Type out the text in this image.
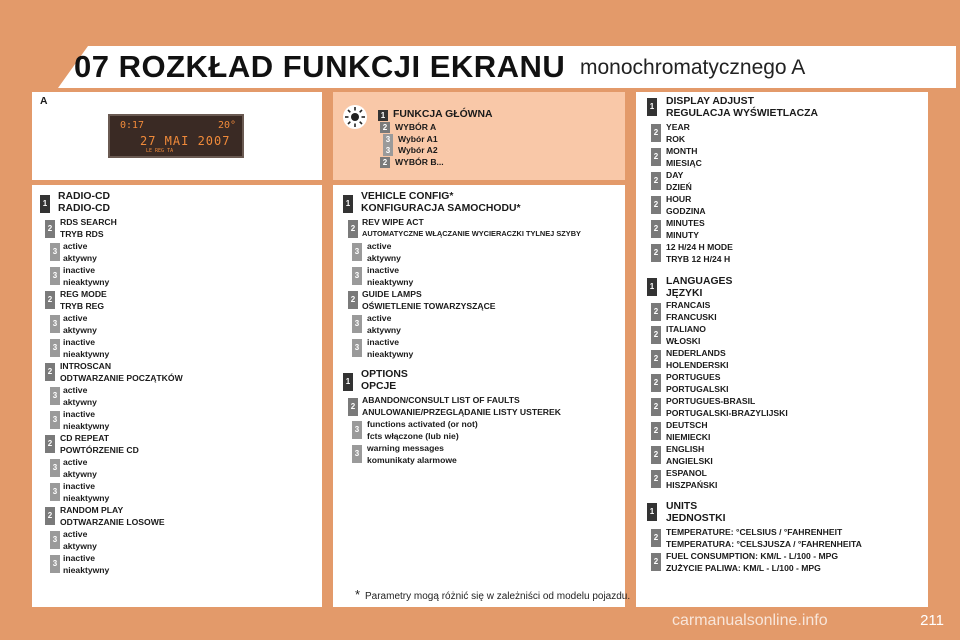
07 ROZKŁAD FUNKCJI EKRANU monochromatycznego A
A
0:17	20°
27 MAI 2007
LE REG TA
1 FUNKCJA GŁÓWNA
2 WYBÓR A
3 Wybór A1
3 Wybór A2
2 WYBÓR B...
1
RADIO-CD
RADIO-CD
2
RDS SEARCH
TRYB RDS
3
active
aktywny
3
inactive
nieaktywny
2
REG MODE
TRYB REG
3
active
aktywny
3
inactive
nieaktywny
2
INTROSCAN
ODTWARZANIE POCZĄTKÓW
3
active
aktywny
3
inactive
nieaktywny
2
CD REPEAT
POWTÓRZENIE CD
3
active
aktywny
3
inactive
nieaktywny
2
RANDOM PLAY
ODTWARZANIE LOSOWE
3
active
aktywny
3
inactive
nieaktywny
1
VEHICLE CONFIG*
KONFIGURACJA SAMOCHODU*
2
REV WIPE ACT
AUTOMATYCZNE WŁĄCZANIE WYCIERACZKI TYLNEJ SZYBY
3
active
aktywny
3
inactive
nieaktywny
2
GUIDE LAMPS
OŚWIETLENIE TOWARZYSZĄCE
3
active
aktywny
3
inactive
nieaktywny
1
OPTIONS
OPCJE
2
ABANDON/CONSULT LIST OF FAULTS
ANULOWANIE/PRZEGLĄDANIE LISTY USTEREK
3
functions activated (or not)
fcts włączone (lub nie)
3
warning messages
komunikaty alarmowe
* Parametry mogą różnić się w zależniści od modelu pojazdu.
1 DISPLAY ADJUST
REGULACJA WYŚWIETLACZA
2
YEAR
ROK
2
MONTH
MIESIĄC
2
DAY
DZIEŃ
2
HOUR
GODZINA
2
MINUTES
MINUTY
2
12 H/24 H MODE
TRYB 12 H/24 H
1 LANGUAGES
JĘZYKI
2
FRANCAIS
FRANCUSKI
2
ITALIANO
WŁOSKI
2
NEDERLANDS
HOLENDERSKI
2
PORTUGUES
PORTUGALSKI
2
PORTUGUES-BRASIL
PORTUGALSKI-BRAZYLIJSKI
2
DEUTSCH
NIEMIECKI
2
ENGLISH
ANGIELSKI
2
ESPANOL
HISZPAŃSKI
1 UNITS
JEDNOSTKI
2
TEMPERATURE: °CELSIUS / °FAHRENHEIT
TEMPERATURA: °CELSJUSZA / °FAHRENHEITA
2
FUEL CONSUMPTION: KM/L - L/100 - MPG
ZUŻYCIE PALIWA: KM/L - L/100 - MPG
carmanualsonline.info	211
